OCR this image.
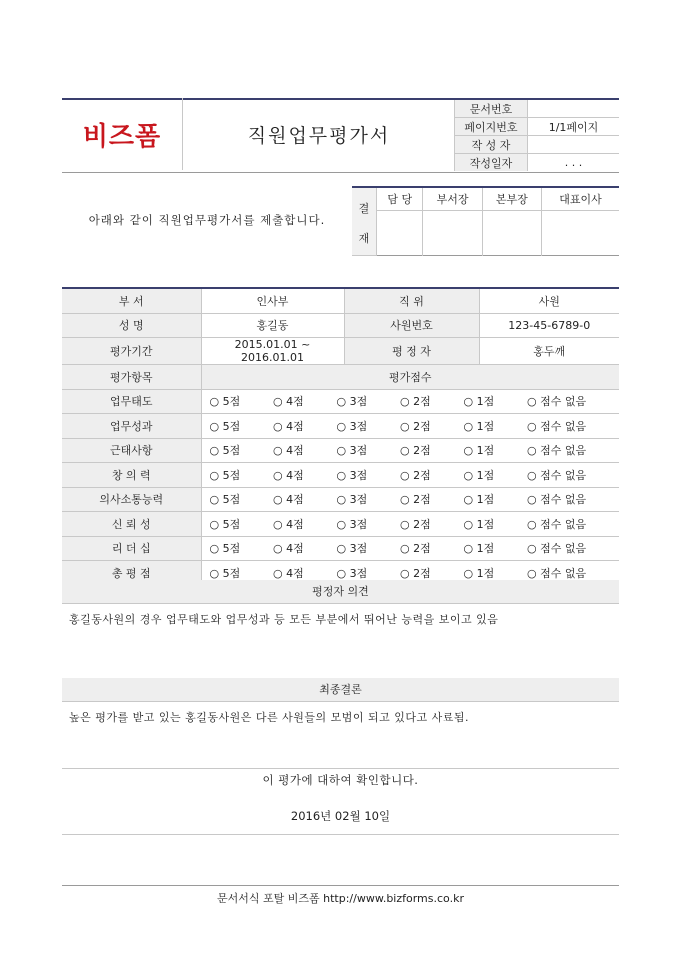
비즈폼	직원업무평가서
문서번호	
페이지번호	1/1페이지
작 성 자	
작성일자	. . .
아래와 같이 직원업무평가서를 제출합니다.
결
재	담 당	부서장	본부장	대표이사

부 서	인사부	직 위	사원
성 명	홍길동	사원번호	123-45-6789-0
평가기간	2015.01.01 ~ 2016.01.01	평 정 자	홍두깨
평가항목	평가점수		
업무태도	○ 5점 ○ 4점 ○ 3점 ○ 2점 ○ 1점 ○ 점수 없음		
업무성과	○ 5점 ○ 4점 ○ 3점 ○ 2점 ○ 1점 ○ 점수 없음		
근태사항	○ 5점 ○ 4점 ○ 3점 ○ 2점 ○ 1점 ○ 점수 없음		
창 의 력	○ 5점 ○ 4점 ○ 3점 ○ 2점 ○ 1점 ○ 점수 없음		
의사소통능력	○ 5점 ○ 4점 ○ 3점 ○ 2점 ○ 1점 ○ 점수 없음		
신 뢰 성	○ 5점 ○ 4점 ○ 3점 ○ 2점 ○ 1점 ○ 점수 없음		
리 더 십	○ 5점 ○ 4점 ○ 3점 ○ 2점 ○ 1점 ○ 점수 없음		
총 평 점	○ 5점 ○ 4점 ○ 3점 ○ 2점 ○ 1점 ○ 점수 없음		
평정자 의견
홍길동사원의 경우 업무태도와 업무성과 등 모든 부분에서 뛰어난 능력을 보이고 있음
최종결론
높은 평가를 받고 있는 홍길동사원은 다른 사원들의 모범이 되고 있다고 사료됨.
이 평가에 대하여 확인합니다.
2016년 02월 10일
문서서식 포탈 비즈폼 http://www.bizforms.co.kr
